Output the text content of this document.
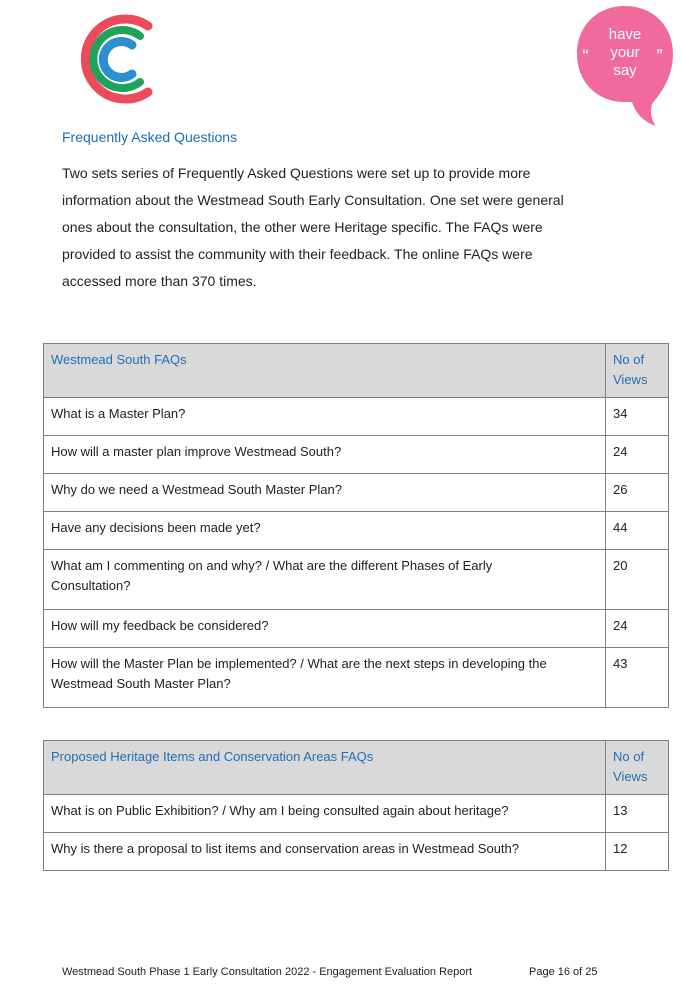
“	”
have
your
say
Frequently Asked Questions
Two sets series of Frequently Asked Questions were set up to provide more
information about the Westmead South Early Consultation. One set were general
ones about the consultation, the other were Heritage specific. The FAQs were
provided to assist the community with their feedback. The online FAQs were
accessed more than 370 times.
Westmead South FAQs	No of Views
What is a Master Plan?	34
How will a master plan improve Westmead South?	24
Why do we need a Westmead South Master Plan?	26
Have any decisions been made yet?	44
What am I commenting on and why? / What are the different Phases of Early Consultation?	20
How will my feedback be considered?	24
How will the Master Plan be implemented? / What are the next steps in developing the Westmead South Master Plan?	43
Proposed Heritage Items and Conservation Areas FAQs	No of Views
What is on Public Exhibition? / Why am I being consulted again about heritage?	13
Why is there a proposal to list items and conservation areas in Westmead South?	12
Westmead South Phase 1 Early Consultation 2022 - Engagement Evaluation Report	Page 16 of 25
